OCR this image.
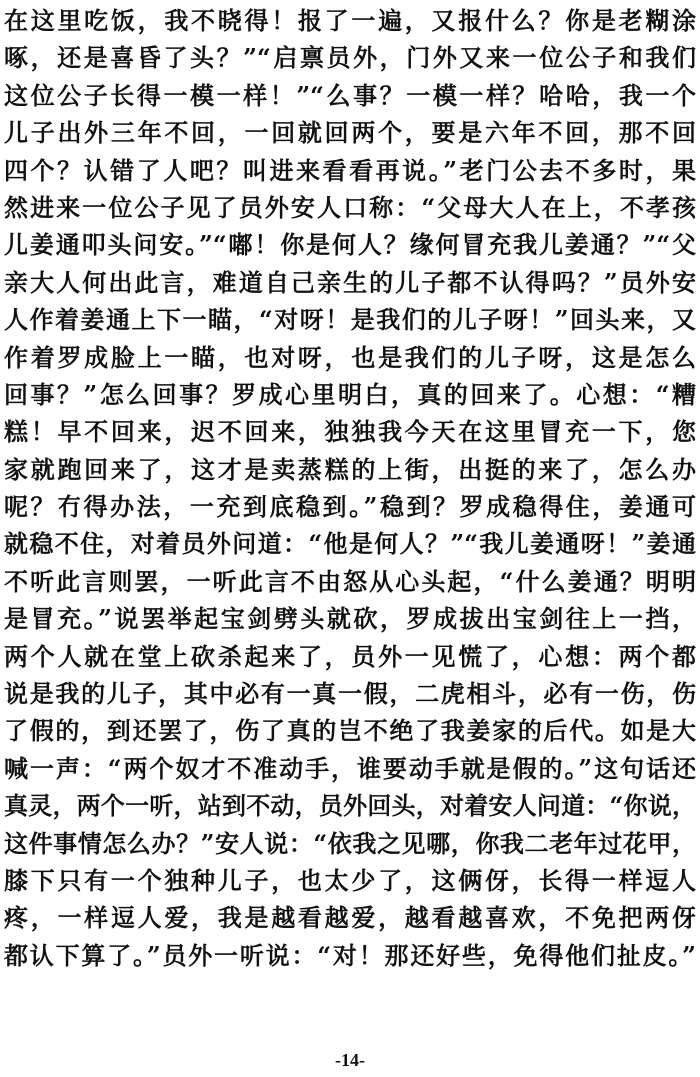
在这里吃饭，我不晓得！报了一遍，又报什么？你是老糊涂
啄，还是喜昏了头？”“启禀员外，门外又来一位公子和我们
这位公子长得一模一样！”“么事？一模一样？哈哈，我一个
儿子出外三年不回，一回就回两个，要是六年不回，那不回
四个？认错了人吧？叫进来看看再说。”老门公去不多时，果
然进来一位公子见了员外安人口称：“父母大人在上，不孝孩
儿姜通叩头问安。”“嘟！你是何人？缘何冒充我儿姜通？”“父
亲大人何出此言，难道自己亲生的儿子都不认得吗？”员外安
人作着姜通上下一瞄，“对呀！是我们的儿子呀！”回头来，又
作着罗成脸上一瞄，也对呀，也是我们的儿子呀，这是怎么
回事？”怎么回事？罗成心里明白，真的回来了。心想：“糟
糕！早不回来，迟不回来，独独我今天在这里冒充一下，您
家就跑回来了，这才是卖蒸糕的上街，出挺的来了，怎么办
呢？冇得办法，一充到底稳到。”稳到？罗成稳得住，姜通可
就稳不住，对着员外问道：“他是何人？”“我儿姜通呀！”姜通
不听此言则罢，一听此言不由怒从心头起，“什么姜通？明明
是冒充。”说罢举起宝剑劈头就砍，罗成拔出宝剑往上一挡，
两个人就在堂上砍杀起来了，员外一见慌了，心想：两个都
说是我的儿子，其中必有一真一假，二虎相斗，必有一伤，伤
了假的，到还罢了，伤了真的岂不绝了我姜家的后代。如是大
喊一声：“两个奴才不准动手，谁要动手就是假的。”这句话还
真灵，两个一听，站到不动，员外回头，对着安人问道：“你说，
这件事情怎么办？”安人说：“依我之见哪，你我二老年过花甲，
膝下只有一个独种儿子，也太少了，这俩伢，长得一样逗人
疼，一样逗人爱，我是越看越爱，越看越喜欢，不免把两伢
都认下算了。”员外一听说：“对！那还好些，免得他们扯皮。”
-14-
